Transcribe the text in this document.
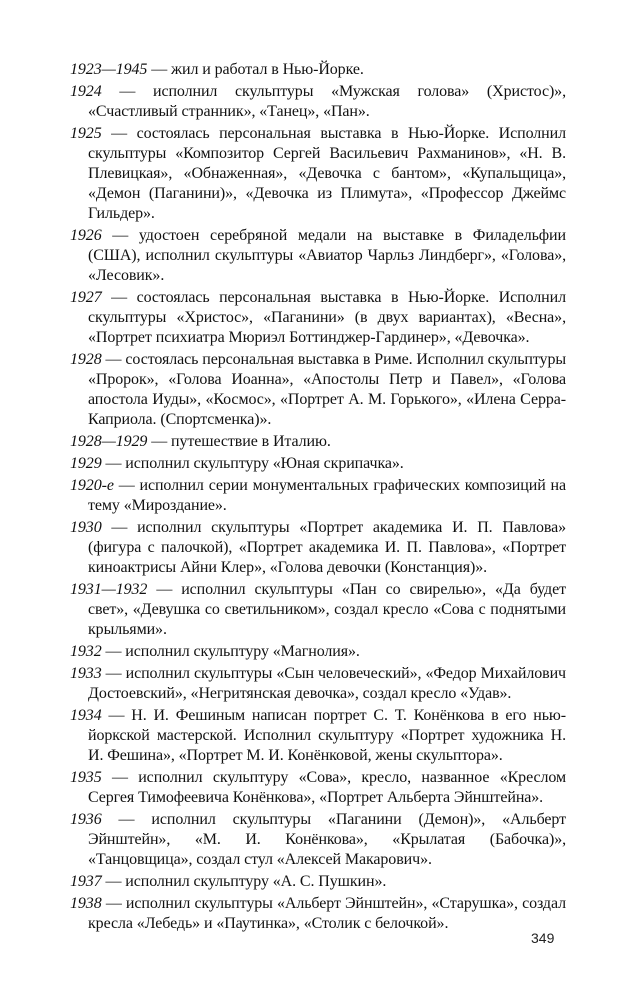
1923—1945 — жил и работал в Нью-Йорке.

1924 — исполнил скульптуры «Мужская голова» (Христос)», «Счастливый странник», «Танец», «Пан».

1925 — состоялась персональная выставка в Нью-Йорке. Исполнил скульптуры «Композитор Сергей Васильевич Рахманинов», «Н. В. Плевицкая», «Обнаженная», «Девочка с бантом», «Купальщица», «Демон (Паганини)», «Девочка из Плимута», «Профессор Джеймс Гильдер».

1926 — удостоен серебряной медали на выставке в Филадельфии (США), исполнил скульптуры «Авиатор Чарльз Линдберг», «Голова», «Лесовик».

1927 — состоялась персональная выставка в Нью-Йорке. Исполнил скульптуры «Христос», «Паганини» (в двух вариантах), «Весна», «Портрет психиатра Мюриэл Боттинджер-Гардинер», «Девочка».

1928 — состоялась персональная выставка в Риме. Исполнил скульптуры «Пророк», «Голова Иоанна», «Апостолы Петр и Павел», «Голова апостола Иуды», «Космос», «Портрет А. М. Горького», «Илена Серра-Каприола. (Спортсменка)».

1928—1929 — путешествие в Италию.

1929 — исполнил скульптуру «Юная скрипачка».

1920-е — исполнил серии монументальных графических композиций на тему «Мироздание».

1930 — исполнил скульптуры «Портрет академика И. П. Павлова» (фигура с палочкой), «Портрет академика И. П. Павлова», «Портрет киноактрисы Айни Клер», «Голова девочки (Констанция)».

1931—1932 — исполнил скульптуры «Пан со свирелью», «Да будет свет», «Девушка со светильником», создал кресло «Сова с поднятыми крыльями».

1932 — исполнил скульптуру «Магнолия».

1933 — исполнил скульптуры «Сын человеческий», «Федор Михайлович Достоевский», «Негритянская девочка», создал кресло «Удав».

1934 — Н. И. Фешиным написан портрет С. Т. Конёнкова в его нью-йоркской мастерской. Исполнил скульптуру «Портрет художника Н. И. Фешина», «Портрет М. И. Конёнковой, жены скульптора».

1935 — исполнил скульптуру «Сова», кресло, названное «Креслом Сергея Тимофеевича Конёнкова», «Портрет Альберта Эйнштейна».

1936 — исполнил скульптуры «Паганини (Демон)», «Альберт Эйнштейн», «М. И. Конёнкова», «Крылатая (Бабочка)», «Танцовщица», создал стул «Алексей Макарович».

1937 — исполнил скульптуру «А. С. Пушкин».

1938 — исполнил скульптуры «Альберт Эйнштейн», «Старушка», создал кресла «Лебедь» и «Паутинка», «Столик с белочкой».

349
